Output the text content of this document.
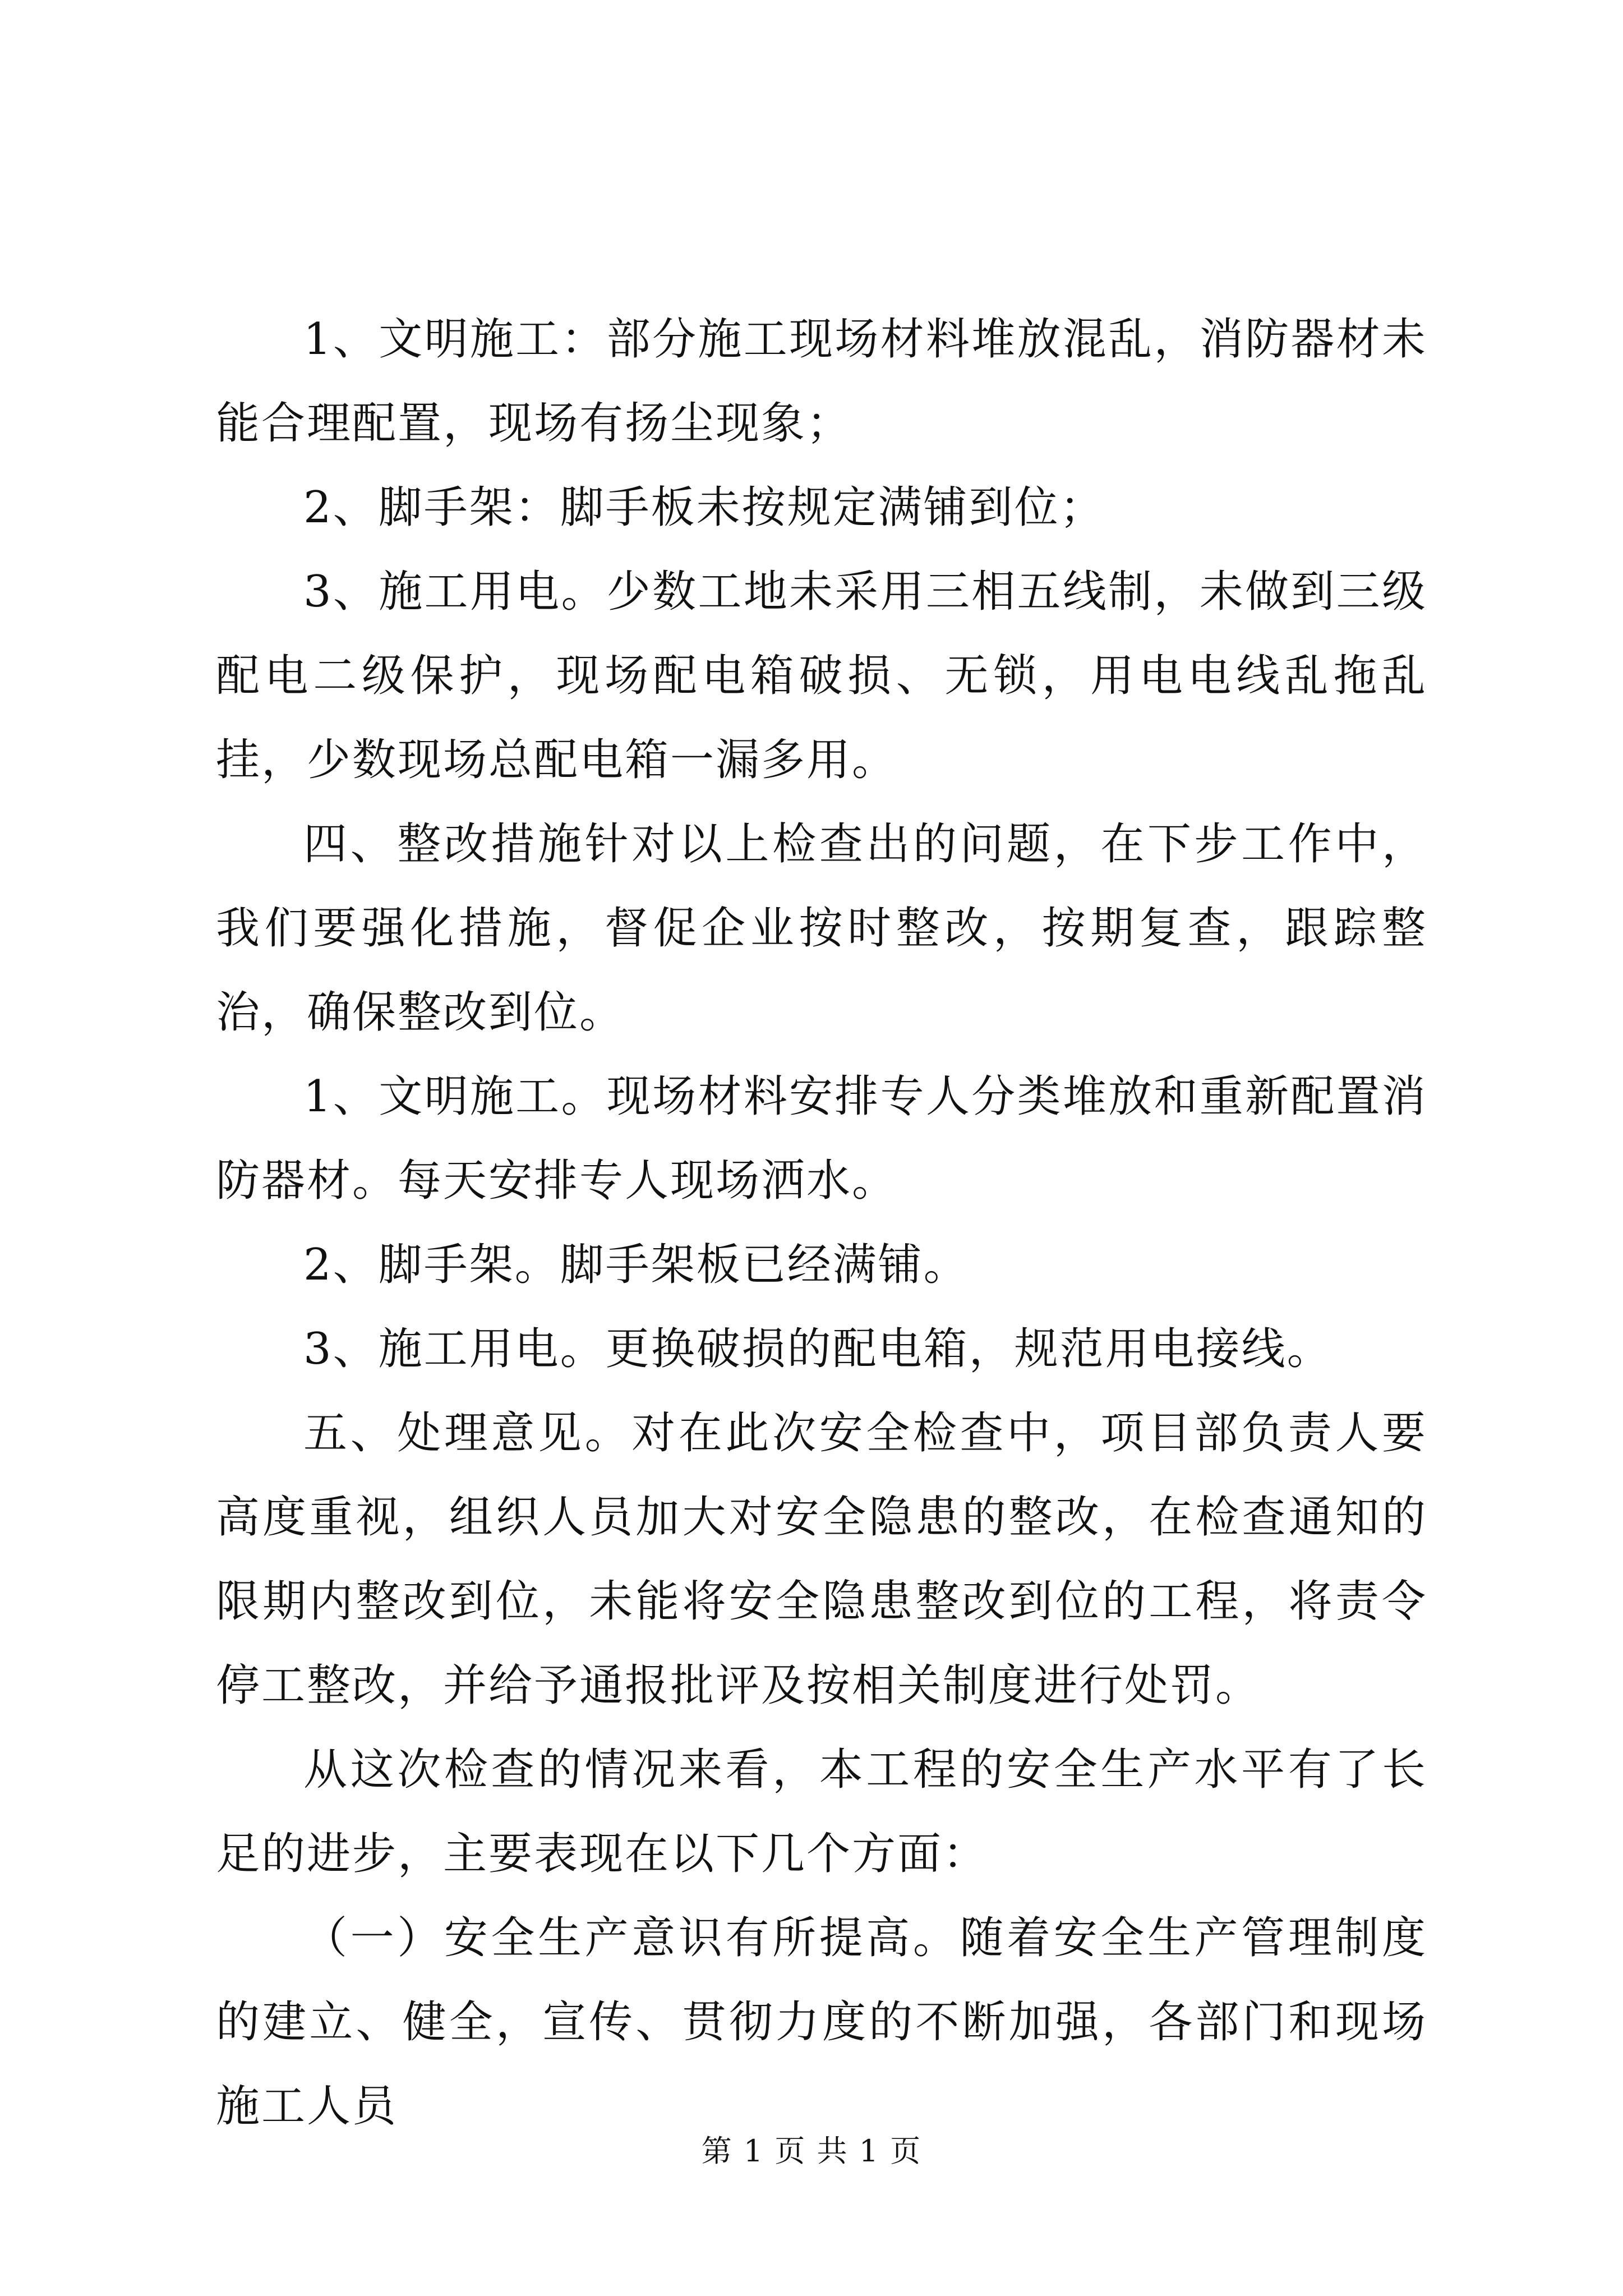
1、文明施工：部分施工现场材料堆放混乱，消防器材未能合理配置，现场有扬尘现象；

2、脚手架：脚手板未按规定满铺到位；

3、施工用电。少数工地未采用三相五线制，未做到三级配电二级保护，现场配电箱破损、无锁，用电电线乱拖乱挂，少数现场总配电箱一漏多用。

四、整改措施针对以上检查出的问题，在下步工作中，我们要强化措施，督促企业按时整改，按期复查，跟踪整治，确保整改到位。

1、文明施工。现场材料安排专人分类堆放和重新配置消防器材。每天安排专人现场洒水。

2、脚手架。脚手架板已经满铺。

3、施工用电。更换破损的配电箱，规范用电接线。

五、处理意见。对在此次安全检查中，项目部负责人要高度重视，组织人员加大对安全隐患的整改，在检查通知的限期内整改到位，未能将安全隐患整改到位的工程，将责令停工整改，并给予通报批评及按相关制度进行处罚。

从这次检查的情况来看，本工程的安全生产水平有了长足的进步，主要表现在以下几个方面：

（一）安全生产意识有所提高。随着安全生产管理制度的建立、健全，宣传、贯彻力度的不断加强，各部门和现场施工人员

第 1 页 共 1 页
